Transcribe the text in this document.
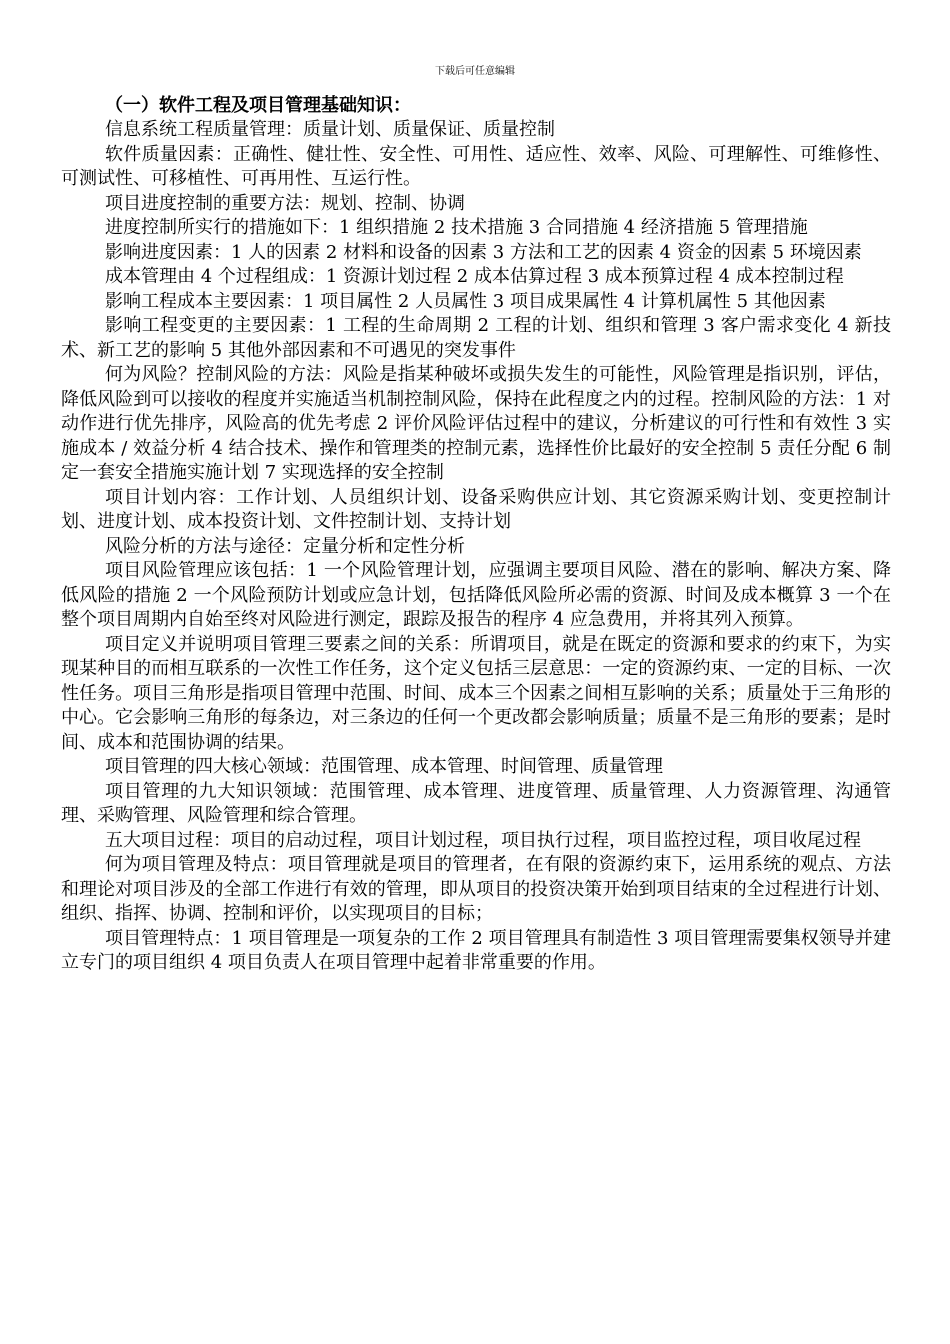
下载后可任意编辑

（一）软件工程及项目管理基础知识：

信息系统工程质量管理：质量计划、质量保证、质量控制

软件质量因素：正确性、健壮性、安全性、可用性、适应性、效率、风险、可理解性、可维修性、可测试性、可移植性、可再用性、互运行性。

项目进度控制的重要方法：规划、控制、协调

进度控制所实行的措施如下：1 组织措施 2 技术措施 3 合同措施 4 经济措施 5 管理措施

影响进度因素：1 人的因素 2 材料和设备的因素 3 方法和工艺的因素 4 资金的因素 5 环境因素

成本管理由 4 个过程组成：1 资源计划过程 2 成本估算过程 3 成本预算过程 4 成本控制过程

影响工程成本主要因素：1 项目属性 2 人员属性 3 项目成果属性 4 计算机属性 5 其他因素

影响工程变更的主要因素：1 工程的生命周期 2 工程的计划、组织和管理 3 客户需求变化 4 新技术、新工艺的影响 5 其他外部因素和不可遇见的突发事件

何为风险？控制风险的方法：风险是指某种破坏或损失发生的可能性，风险管理是指识别，评估，降低风险到可以接收的程度并实施适当机制控制风险，保持在此程度之内的过程。控制风险的方法：1 对动作进行优先排序，风险高的优先考虑 2 评价风险评估过程中的建议，分析建议的可行性和有效性 3 实施成本 / 效益分析 4 结合技术、操作和管理类的控制元素，选择性价比最好的安全控制 5 责任分配 6 制定一套安全措施实施计划 7 实现选择的安全控制

项目计划内容：工作计划、人员组织计划、设备采购供应计划、其它资源采购计划、变更控制计划、进度计划、成本投资计划、文件控制计划、支持计划

风险分析的方法与途径：定量分析和定性分析

项目风险管理应该包括：1 一个风险管理计划，应强调主要项目风险、潜在的影响、解决方案、降低风险的措施 2 一个风险预防计划或应急计划，包括降低风险所必需的资源、时间及成本概算 3 一个在整个项目周期内自始至终对风险进行测定，跟踪及报告的程序 4 应急费用，并将其列入预算。

项目定义并说明项目管理三要素之间的关系：所谓项目，就是在既定的资源和要求的约束下，为实现某种目的而相互联系的一次性工作任务，这个定义包括三层意思：一定的资源约束、一定的目标、一次性任务。项目三角形是指项目管理中范围、时间、成本三个因素之间相互影响的关系；质量处于三角形的中心。它会影响三角形的每条边，对三条边的任何一个更改都会影响质量；质量不是三角形的要素；是时间、成本和范围协调的结果。

项目管理的四大核心领域：范围管理、成本管理、时间管理、质量管理

项目管理的九大知识领域：范围管理、成本管理、进度管理、质量管理、人力资源管理、沟通管理、采购管理、风险管理和综合管理。

五大项目过程：项目的启动过程，项目计划过程，项目执行过程，项目监控过程，项目收尾过程

何为项目管理及特点：项目管理就是项目的管理者，在有限的资源约束下，运用系统的观点、方法和理论对项目涉及的全部工作进行有效的管理，即从项目的投资决策开始到项目结束的全过程进行计划、组织、指挥、协调、控制和评价，以实现项目的目标；

项目管理特点：1 项目管理是一项复杂的工作 2 项目管理具有制造性 3 项目管理需要集权领导并建立专门的项目组织 4 项目负责人在项目管理中起着非常重要的作用。
